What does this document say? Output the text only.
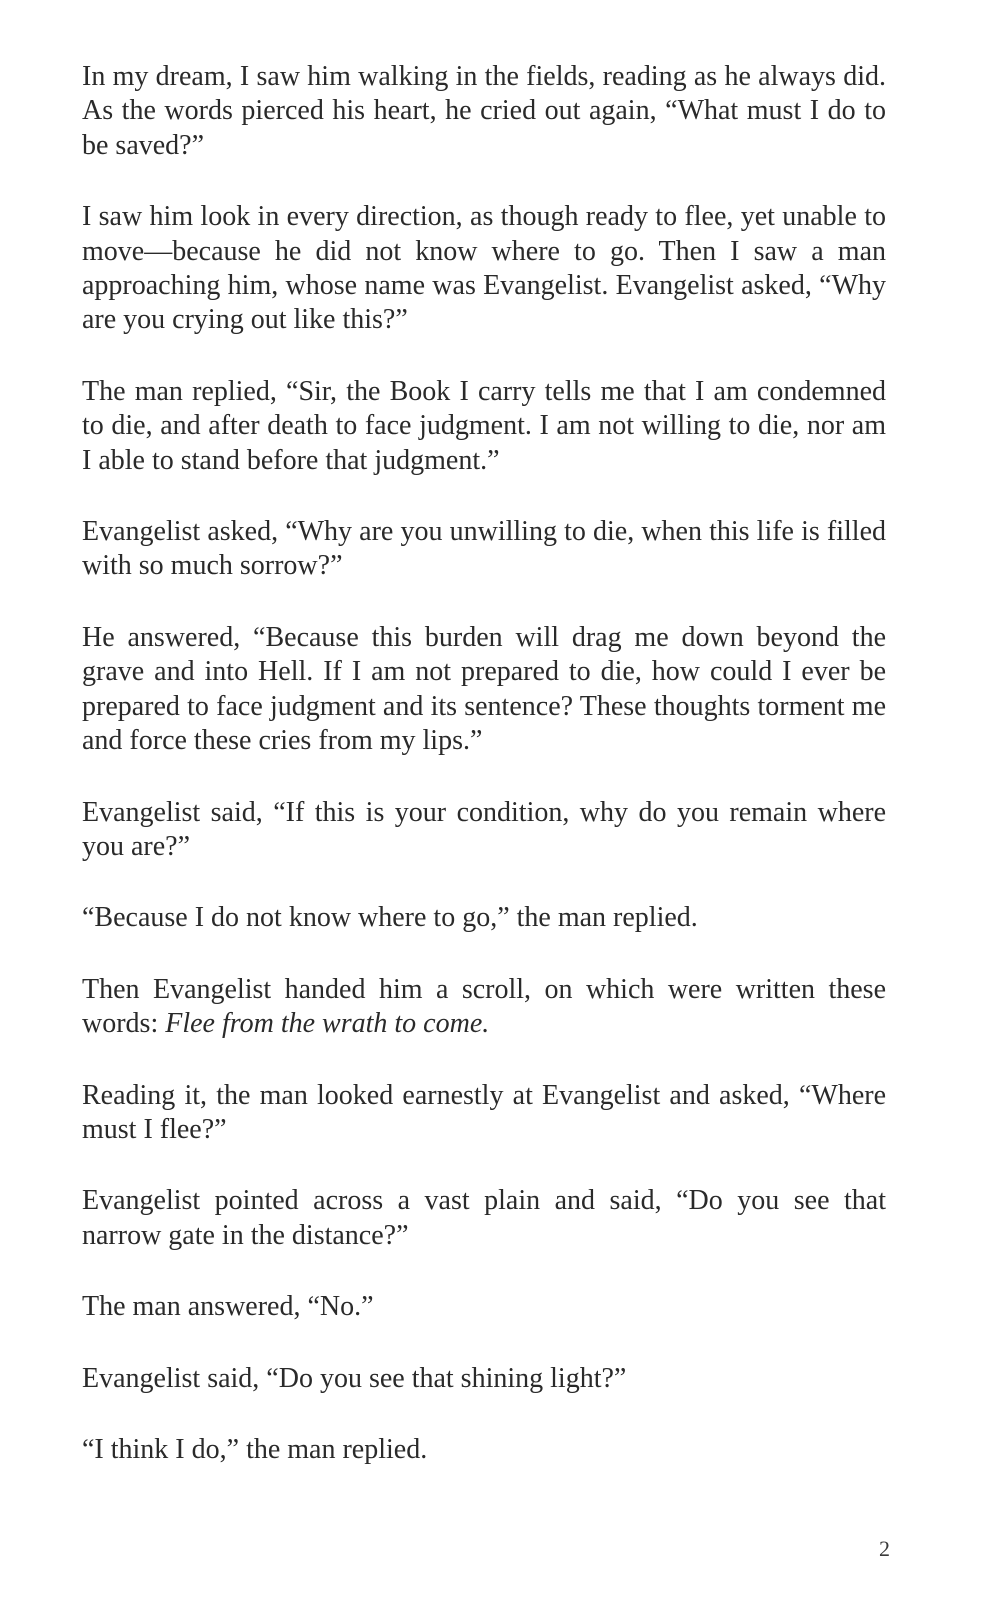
In my dream, I saw him walking in the fields, reading as he always did. As the words pierced his heart, he cried out again, “What must I do to be saved?”

I saw him look in every direction, as though ready to flee, yet unable to move—because he did not know where to go. Then I saw a man approaching him, whose name was Evangelist. Evangelist asked, “Why are you crying out like this?”

The man replied, “Sir, the Book I carry tells me that I am condemned to die, and after death to face judgment. I am not willing to die, nor am I able to stand before that judgment.”

Evangelist asked, “Why are you unwilling to die, when this life is filled with so much sorrow?”

He answered, “Because this burden will drag me down beyond the grave and into Hell. If I am not prepared to die, how could I ever be prepared to face judgment and its sentence? These thoughts torment me and force these cries from my lips.”

Evangelist said, “If this is your condition, why do you remain where you are?”

“Because I do not know where to go,” the man replied.

Then Evangelist handed him a scroll, on which were written these words: Flee from the wrath to come.

Reading it, the man looked earnestly at Evangelist and asked, “Where must I flee?”

Evangelist pointed across a vast plain and said, “Do you see that narrow gate in the distance?”

The man answered, “No.”

Evangelist said, “Do you see that shining light?”

“I think I do,” the man replied.

2
